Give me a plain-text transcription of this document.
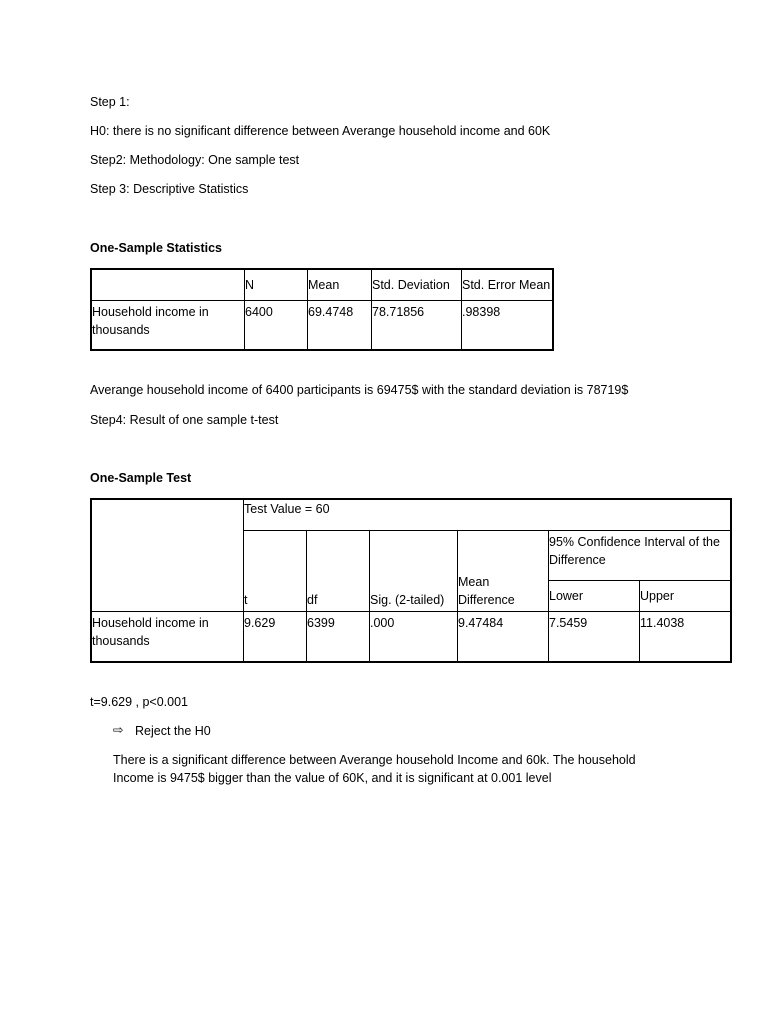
Step 1:
H0: there is no significant difference between Averange household income and 60K
Step2: Methodology: One sample test
Step 3: Descriptive Statistics
One-Sample Statistics
	N	Mean	Std. Deviation	Std. Error Mean
Household income in thousands	6400	69.4748	78.71856	.98398
Averange household income of 6400 participants is 69475$ with the standard deviation is 78719$
Step4: Result of one sample t-test
One-Sample Test
	Test Value = 60					
	t	df	Sig. (2-tailed)	Mean Difference	95% Confidence Interval of the Difference	
					Lower	Upper
Household income in thousands	9.629	6399	.000	9.47484	7.5459	11.4038
t=9.629 , p<0.001
⇨ Reject the H0
There is a significant difference between Averange household Income and 60k. The household Income is 9475$ bigger than the value of 60K, and it is significant at 0.001 level
